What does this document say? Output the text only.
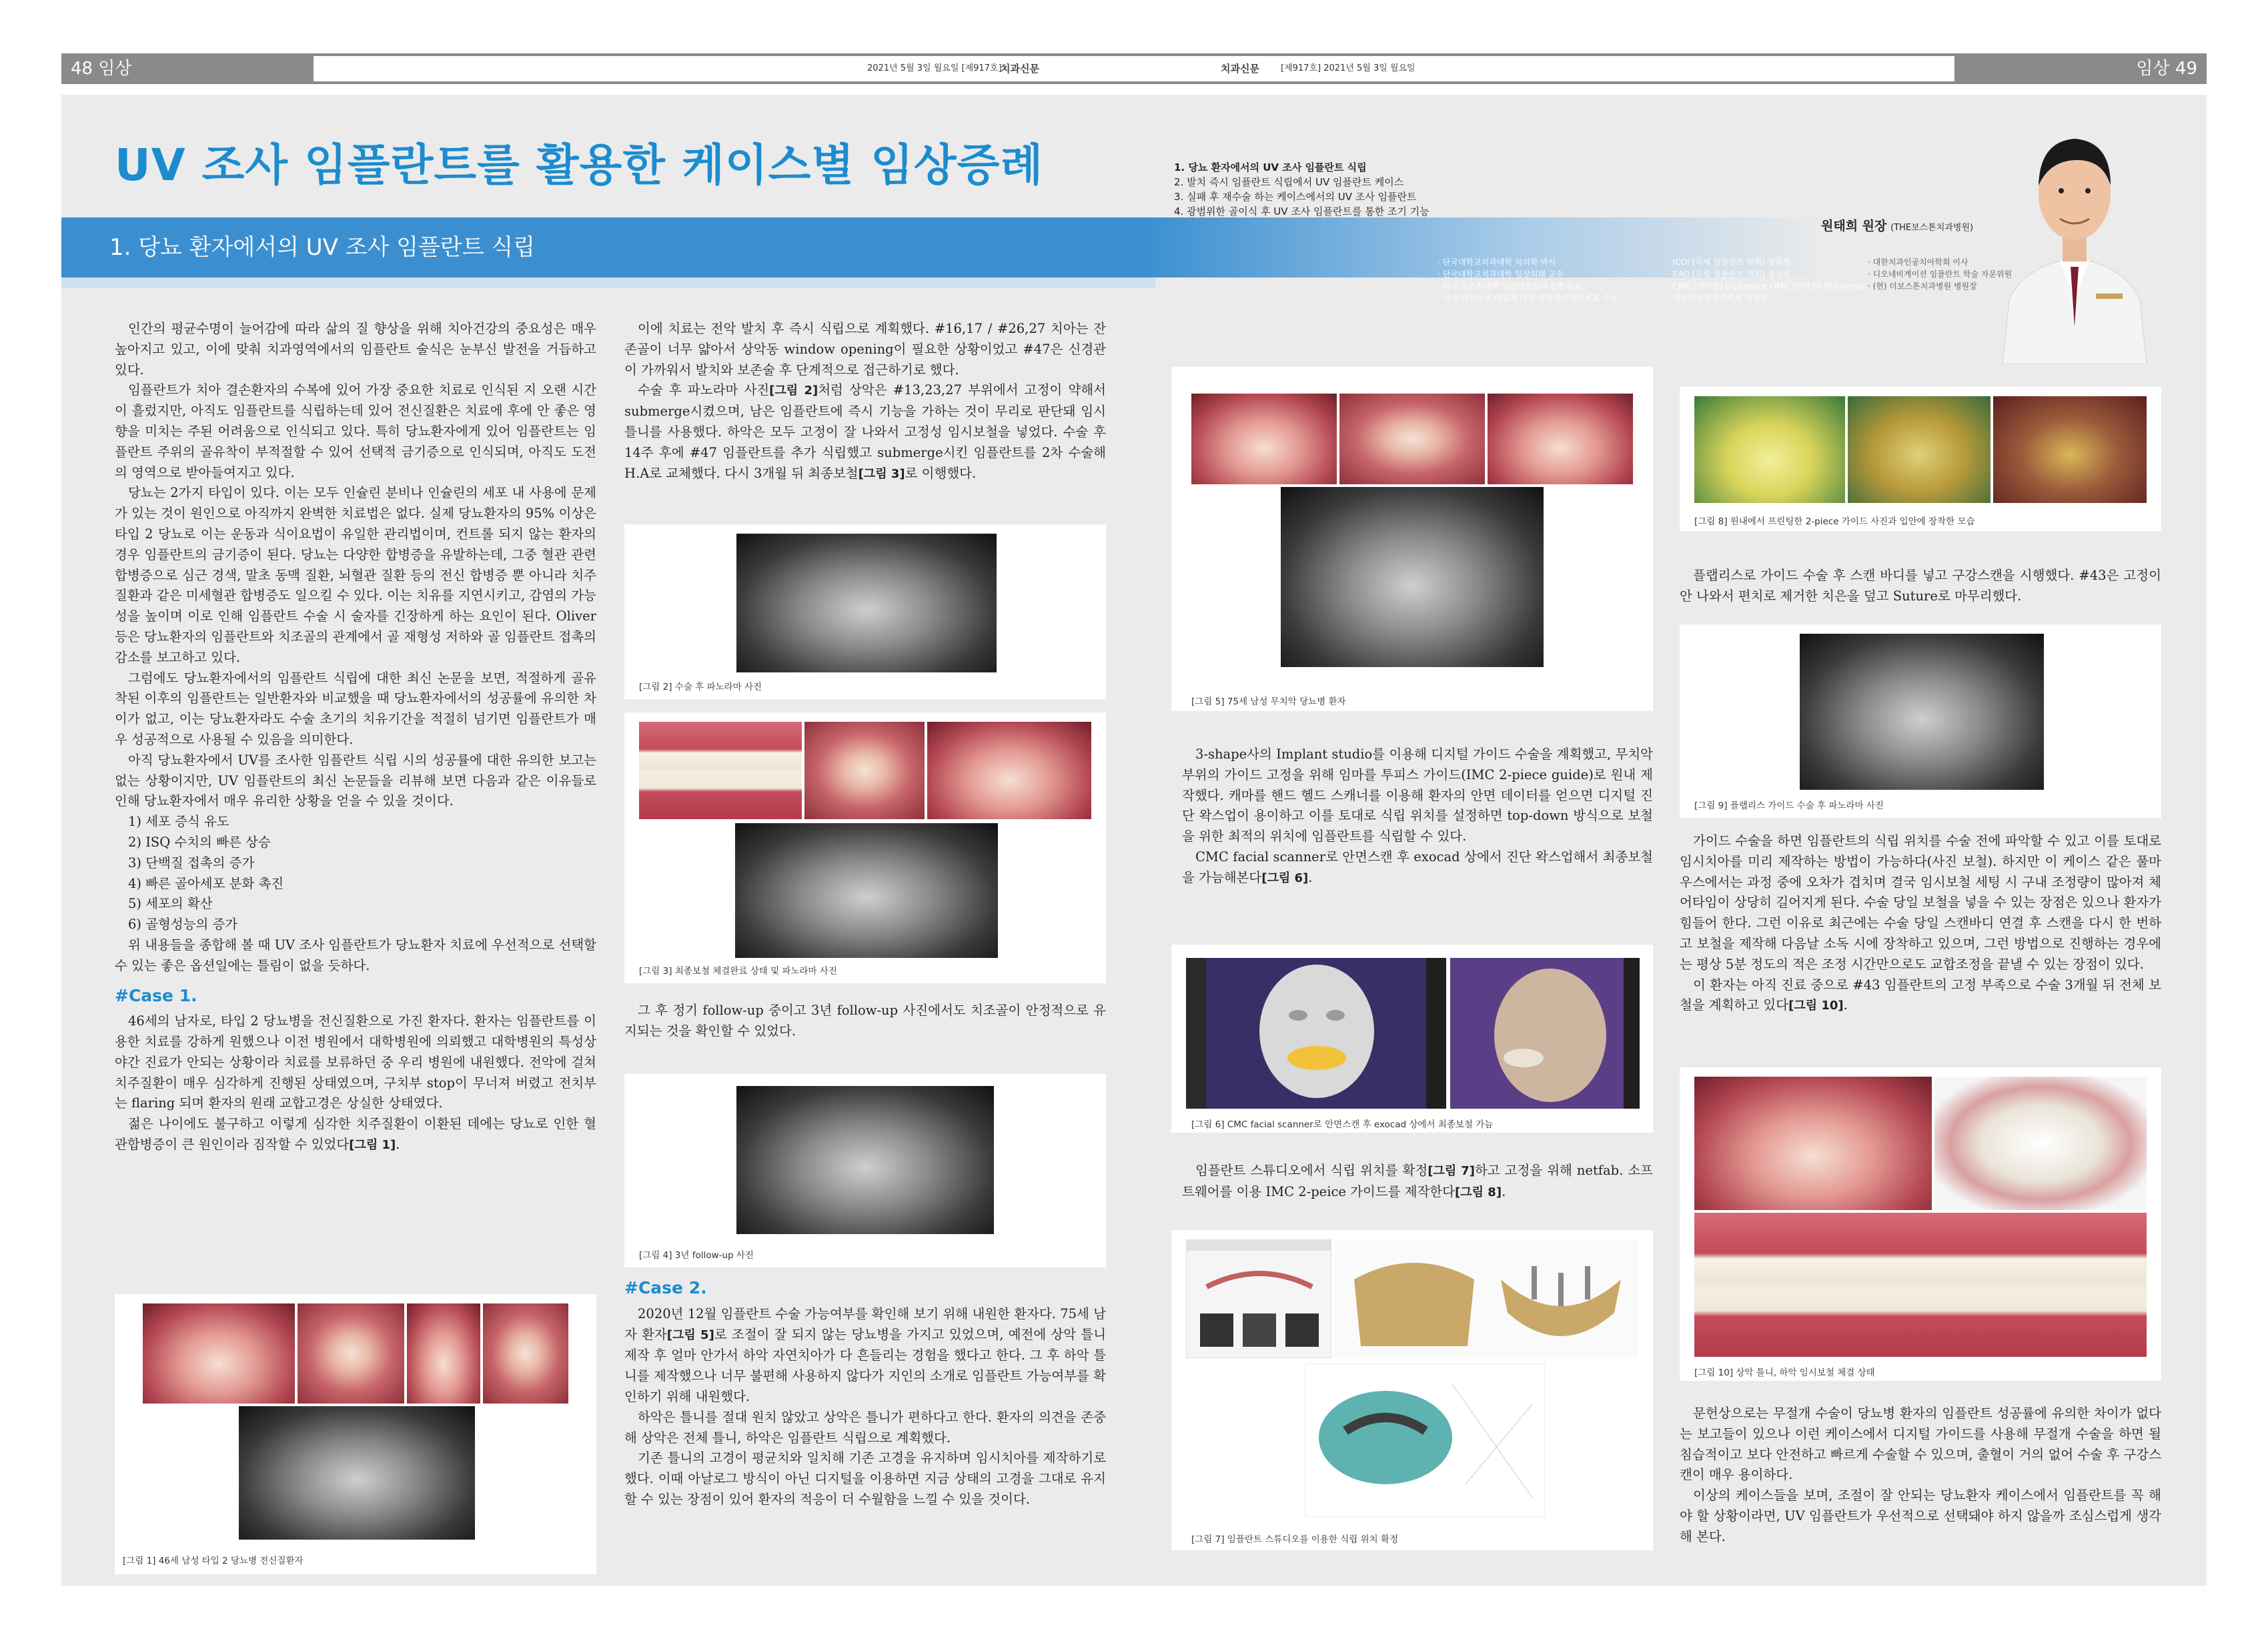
48 임상	임상 49
2021년 5월 3일 월요일 [제917호]
치과신문	치과신문 [제917호] 2021년 5월 3일 월요일
UV 조사 임플란트를 활용한 케이스별 임상증례
1. 당뇨 환자에서의 UV 조사 임플란트 식립
1. 당뇨 환자에서의 UV 조사 임플란트 식립
2. 발치 즉시 임플란트 식립에서 UV 임플란트 케이스
3. 실패 후 재수술 하는 케이스에서의 UV 조사 임플란트
4. 광범위한 골이식 후 UV 조사 임플란트를 통한 조기 기능
원태희 원장 (THE보스톤치과병원)
· 단국대학교치과대학 치의학 박사
· 단국대학교치과대학 임상외래 교수
· 미국 보스톤대학 임플란트학과 C/E 수료
· 미국 텍사스주 베일러 대학 임플란트학과 C/E 수료
· ICOI (국제 임플란트 학회) 정회원
· EAO (유럽 임플란트 학회) 정회원
· CMC (캐마플) Diplomate / IMC (임마플) Fellowship
· 대한디지털치의학회 정회원
· 대한치과인공치아학회 이사
· 디오네비게이션 임플란트 학술 자문위원
· (현) 더보스톤치과병원 병원장

인간의 평균수명이 늘어감에 따라 삶의 질 향상을 위해 치아건강의 중요성은 매우 높아지고 있고, 이에 맞춰 치과영역에서의 임플란트 술식은 눈부신 발전을 거듭하고 있다.

임플란트가 치아 결손환자의 수복에 있어 가장 중요한 치료로 인식된 지 오랜 시간이 흘렀지만, 아직도 임플란트를 식립하는데 있어 전신질환은 치료에 후에 안 좋은 영향을 미치는 주된 어려움으로 인식되고 있다. 특히 당뇨환자에게 있어 임플란트는 임플란트 주위의 골유착이 부적절할 수 있어 선택적 금기증으로 인식되며, 아직도 도전의 영역으로 받아들여지고 있다.

당뇨는 2가지 타입이 있다. 이는 모두 인슐린 분비나 인슐린의 세포 내 사용에 문제가 있는 것이 원인으로 아직까지 완벽한 치료법은 없다. 실제 당뇨환자의 95% 이상은 타입 2 당뇨로 이는 운동과 식이요법이 유일한 관리법이며, 컨트롤 되지 않는 환자의 경우 임플란트의 금기증이 된다. 당뇨는 다양한 합병증을 유발하는데, 그중 혈관 관련 합병증으로 심근 경색, 말초 동맥 질환, 뇌혈관 질환 등의 전신 합병증 뿐 아니라 치주질환과 같은 미세혈관 합병증도 일으킬 수 있다. 이는 치유를 지연시키고, 감염의 가능성을 높이며 이로 인해 임플란트 수술 시 술자를 긴장하게 하는 요인이 된다. Oliver 등은 당뇨환자의 임플란트와 치조골의 관계에서 골 재형성 저하와 골 임플란트 접촉의 감소를 보고하고 있다.

그럼에도 당뇨환자에서의 임플란트 식립에 대한 최신 논문을 보면, 적절하게 골유착된 이후의 임플란트는 일반환자와 비교했을 때 당뇨환자에서의 성공률에 유의한 차이가 없고, 이는 당뇨환자라도 수술 초기의 치유기간을 적절히 넘기면 임플란트가 매우 성공적으로 사용될 수 있음을 의미한다.

아직 당뇨환자에서 UV를 조사한 임플란트 식립 시의 성공률에 대한 유의한 보고는 없는 상황이지만, UV 임플란트의 최신 논문들을 리뷰해 보면 다음과 같은 이유들로 인해 당뇨환자에서 매우 유리한 상황을 얻을 수 있을 것이다.

1) 세포 증식 유도
2) ISQ 수치의 빠른 상승
3) 단백질 접촉의 증가
4) 빠른 골아세포 분화 촉진
5) 세포의 확산
6) 골형성능의 증가

위 내용들을 종합해 볼 때 UV 조사 임플란트가 당뇨환자 치료에 우선적으로 선택할 수 있는 좋은 옵션일에는 틀림이 없을 듯하다.

#Case 1.

46세의 남자로, 타입 2 당뇨병을 전신질환으로 가진 환자다. 환자는 임플란트를 이용한 치료를 강하게 원했으나 이전 병원에서 대학병원에 의뢰했고 대학병원의 특성상 야간 진료가 안되는 상황이라 치료를 보류하던 중 우리 병원에 내원했다. 전악에 걸쳐 치주질환이 매우 심각하게 진행된 상태였으며, 구치부 stop이 무너져 버렸고 전치부는 flaring 되며 환자의 원래 교합고경은 상실한 상태였다.

젊은 나이에도 불구하고 이렇게 심각한 치주질환이 이환된 데에는 당뇨로 인한 혈관합병증이 큰 원인이라 짐작할 수 있었다[그림 1].

[그림 1] 46세 남성 타입 2 당뇨병 전신질환자

이에 치료는 전악 발치 후 즉시 식립으로 계획했다. #16,17 / #26,27 치아는 잔존골이 너무 얇아서 상악동 window opening이 필요한 상황이었고 #47은 신경관이 가까워서 발치와 보존술 후 단계적으로 접근하기로 했다.

수술 후 파노라마 사진[그림 2]처럼 상악은 #13,23,27 부위에서 고정이 약해서 submerge시켰으며, 남은 임플란트에 즉시 기능을 가하는 것이 무리로 판단돼 임시틀니를 사용했다. 하악은 모두 고정이 잘 나와서 고정성 임시보철을 넣었다. 수술 후 14주 후에 #47 임플란트를 추가 식립했고 submerge시킨 임플란트를 2차 수술해 H.A로 교체했다. 다시 3개월 뒤 최종보철[그림 3]로 이행했다.

[그림 2] 수술 후 파노라마 사진
[그림 3] 최종보철 체결완료 상태 및 파노라마 사진

그 후 정기 follow-up 중이고 3년 follow-up 사진에서도 치조골이 안정적으로 유지되는 것을 확인할 수 있었다.

[그림 4] 3년 follow-up 사진
#Case 2.

2020년 12월 임플란트 수술 가능여부를 확인해 보기 위해 내원한 환자다. 75세 남자 환자[그림 5]로 조절이 잘 되지 않는 당뇨병을 가지고 있었으며, 예전에 상악 틀니 제작 후 얼마 안가서 하악 자연치아가 다 흔들리는 경험을 했다고 한다. 그 후 하악 틀니를 제작했으나 너무 불편해 사용하지 않다가 지인의 소개로 임플란트 가능여부를 확인하기 위해 내원했다.

하악은 틀니를 절대 원치 않았고 상악은 틀니가 편하다고 한다. 환자의 의견을 존중해 상악은 전체 틀니, 하악은 임플란트 식립으로 계획했다.

기존 틀니의 고경이 평균치와 일치해 기존 고경을 유지하며 임시치아를 제작하기로 했다. 이때 아날로그 방식이 아닌 디지털을 이용하면 지금 상태의 고경을 그대로 유지할 수 있는 장점이 있어 환자의 적응이 더 수월함을 느낄 수 있을 것이다.

[그림 5] 75세 남성 무치악 당뇨병 환자

3-shape사의 Implant studio를 이용해 디지털 가이드 수술을 계획했고, 무치악 부위의 가이드 고정을 위해 임마를 투피스 가이드(IMC 2-piece guide)로 원내 제작했다. 캐마를 핸드 헬드 스캐너를 이용해 환자의 안면 데이터를 얻으면 디지털 진단 왁스업이 용이하고 이를 토대로 식립 위치를 설정하면 top-down 방식으로 보철을 위한 최적의 위치에 임플란트를 식립할 수 있다.

CMC facial scanner로 안면스캔 후 exocad 상에서 진단 왁스업해서 최종보철을 가늠해본다[그림 6].

[그림 6] CMC facial scanner로 안면스캔 후 exocad 상에서 최종보철 가늠

임플란트 스튜디오에서 식립 위치를 확정[그림 7]하고 고정을 위해 netfab. 소프트웨어를 이용 IMC 2-peice 가이드를 제작한다[그림 8].

[그림 7] 임플란트 스튜디오를 이용한 식립 위치 확정
[그림 8] 원내에서 프린팅한 2-piece 가이드 사진과 입안에 장착한 모습

플랩리스로 가이드 수술 후 스캔 바디를 넣고 구강스캔을 시행했다. #43은 고정이 안 나와서 편치로 제거한 치은을 덮고 Suture로 마무리했다.

[그림 9] 플랩리스 가이드 수술 후 파노라마 사진

가이드 수술을 하면 임플란트의 식립 위치를 수술 전에 파악할 수 있고 이를 토대로 임시치아를 미리 제작하는 방법이 가능하다(사진 보철). 하지만 이 케이스 같은 풀마우스에서는 과정 중에 오차가 겹치며 결국 임시보철 세팅 시 구내 조정량이 많아져 체어타임이 상당히 길어지게 된다. 수술 당일 보철을 넣을 수 있는 장점은 있으나 환자가 힘들어 한다. 그런 이유로 최근에는 수술 당일 스캔바디 연결 후 스캔을 다시 한 번하고 보철을 제작해 다음날 소독 시에 장착하고 있으며, 그런 방법으로 진행하는 경우에는 평상 5분 정도의 적은 조정 시간만으로도 교합조정을 끝낼 수 있는 장점이 있다.

이 환자는 아직 진료 중으로 #43 임플란트의 고정 부족으로 수술 3개월 뒤 전체 보철을 계획하고 있다[그림 10].

[그림 10] 상악 틀니, 하악 임시보철 체결 상태

문헌상으로는 무절개 수술이 당뇨병 환자의 임플란트 성공률에 유의한 차이가 없다는 보고들이 있으나 이런 케이스에서 디지털 가이드를 사용해 무절개 수술을 하면 될 침습적이고 보다 안전하고 빠르게 수술할 수 있으며, 출혈이 거의 없어 수술 후 구강스캔이 매우 용이하다.

이상의 케이스들을 보며, 조절이 잘 안되는 당뇨환자 케이스에서 임플란트를 꼭 해야 할 상황이라면, UV 임플란트가 우선적으로 선택돼야 하지 않을까 조심스럽게 생각해 본다.
